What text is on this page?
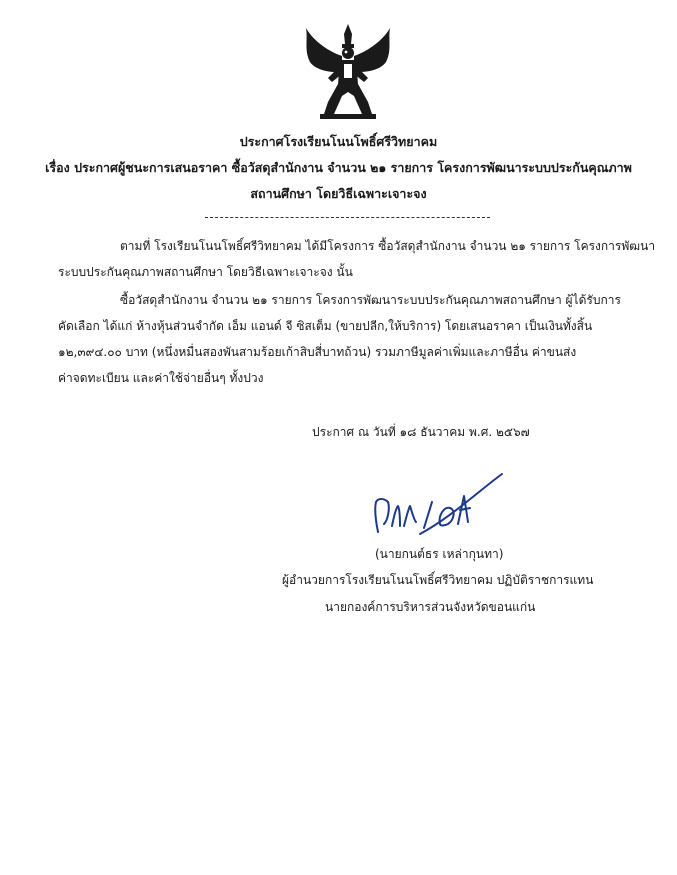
ประกาศโรงเรียนโนนโพธิ์ศรีวิทยาคม
เรื่อง ประกาศผู้ชนะการเสนอราคา ซื้อวัสดุสำนักงาน จำนวน ๒๑ รายการ โครงการพัฒนาระบบประกันคุณภาพ
สถานศึกษา โดยวิธีเฉพาะเจาะจง
ตามที่ โรงเรียนโนนโพธิ์ศรีวิทยาคม ได้มีโครงการ ซื้อวัสดุสำนักงาน จำนวน ๒๑ รายการ โครงการพัฒนา
ระบบประกันคุณภาพสถานศึกษา โดยวิธีเฉพาะเจาะจง นั้น
ซื้อวัสดุสำนักงาน จำนวน ๒๑ รายการ โครงการพัฒนาระบบประกันคุณภาพสถานศึกษา ผู้ได้รับการ
คัดเลือก ได้แก่ ห้างหุ้นส่วนจำกัด เอ็ม แอนด์ จี ซิสเต็ม (ขายปลีก,ให้บริการ) โดยเสนอราคา เป็นเงินทั้งสิ้น
๑๒,๓๙๔.๐๐ บาท (หนึ่งหมื่นสองพันสามร้อยเก้าสิบสี่บาทถ้วน) รวมภาษีมูลค่าเพิ่มและภาษีอื่น ค่าขนส่ง
ค่าจดทะเบียน และค่าใช้จ่ายอื่นๆ ทั้งปวง
ประกาศ ณ วันที่ ๑๘ ธันวาคม พ.ศ. ๒๕๖๗
(นายกนต์ธร เหล่ากุนทา)
ผู้อำนวยการโรงเรียนโนนโพธิ์ศรีวิทยาคม ปฏิบัติราชการแทน
นายกองค์การบริหารส่วนจังหวัดขอนแก่น
